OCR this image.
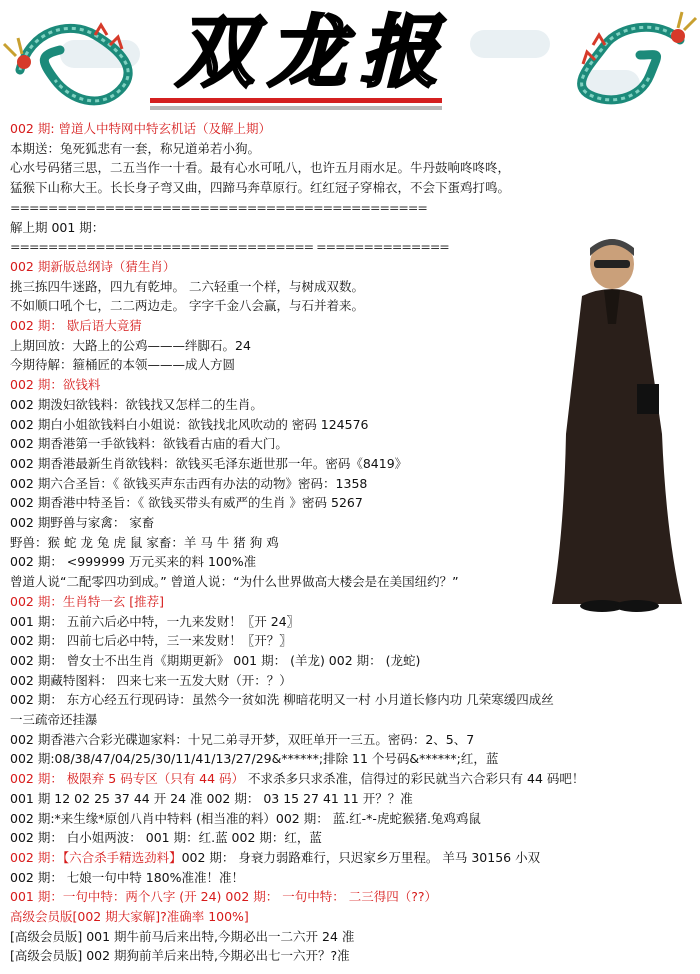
双龙报
002 期: 曾道人中特网中特玄机话（及解上期）
本期送：兔死狐悲有一套，称兄道弟若小狗。
心水号码猪三思，二五当作一十看。最有心水可吼八，也许五月雨水足。牛丹鼓响咚咚咚，
猛猴下山称大王。长长身子弯又曲，四蹄马奔草原行。红红冠子穿棉衣，不会下蛋鸡打鸣。
============================================
解上期 001 期：
================================ ==============
002 期新版总纲诗（猜生肖）
挑三拣四牛迷路，四九有乾坤。 二六轻重一个样，与树成双数。
不如顺口吼个七，二二两边走。 字字千金八会赢，与石并着来。
002 期： 歇后语大竟猜
上期回放：大路上的公鸡———绊脚石。24
今期待解：箍桶匠的本领———成人方圆
002 期：欲钱料
002 期泼妇欲钱料：欲钱找又怎样二的生肖。
002 期白小姐欲钱料白小姐说：欲钱找北风吹动的 密码 124576
002 期香港第一手欲钱料：欲钱看古庙的看大门。
002 期香港最新生肖欲钱料：欲钱买毛泽东逝世那一年。密码《8419》
002 期六合圣旨：《 欲钱买声东击西有办法的动物》密码：1358
002 期香港中特圣旨：《 欲钱买带头有威严的生肖 》密码 5267
002 期野兽与家禽： 家畜
野兽：猴 蛇 龙 兔 虎 鼠 家畜：羊 马 牛 猪 狗 鸡
002 期： <999999 万元买来的料 100%准
曾道人说“二配零四功到成。” 曾道人说：“为什么世界做高大楼会是在美国纽约？”
002 期：生肖特一玄 [推荐]
001 期： 五前六后必中特，一九来发财！〖开 24〗
002 期： 四前七后必中特，三一来发财！〖开？〗
002 期： 曾女士不出生肖《期期更新》 001 期： (羊龙) 002 期： (龙蛇)
002 期藏特图料： 四来七来一五发大财（开：？）
002 期： 东方心经五行现码诗：虽然今一贫如洗 柳暗花明又一村 小月道长修内功 几荣寒缓四成丝
一三疏帝还挂瀑
002 期香港六合彩光碟迦家料：十兄二弟寻开梦，双旺单开一三五。密码：2、5、7
002 期:08/38/47/04/25/30/11/41/13/27/29&******;排除 11 个号码&******;红，蓝
002 期： 极限弃 5 码专区（只有 44 码） 不求杀多只求杀准，信得过的彩民就当六合彩只有 44 码吧！
001 期 12 02 25 37 44 开 24 准 002 期： 03 15 27 41 11 开？？准
002 期:*来生缘*原创八肖中特料 (相当准的料）002 期： 蓝.红-*-虎蛇猴猪.兔鸡鸡鼠
002 期： 白小姐两波： 001 期：红.蓝 002 期：红，蓝
002 期：【六合杀手精选劲料】002 期： 身衰力弱路难行，只迟家乡万里程。 羊马 30156 小双
002 期： 七娘一句中特 180%准准！准！
001 期：一句中特：两个八字 (开 24) 002 期： 一句中特： 二三得四（??）
高级会员版[002 期大家解]?准确率 100%]
[高级会员版] 001 期牛前马后来出特,今期必出一二六开 24 准
[高级会员版] 002 期狗前羊后来出特,今期必出七一六开？?准
